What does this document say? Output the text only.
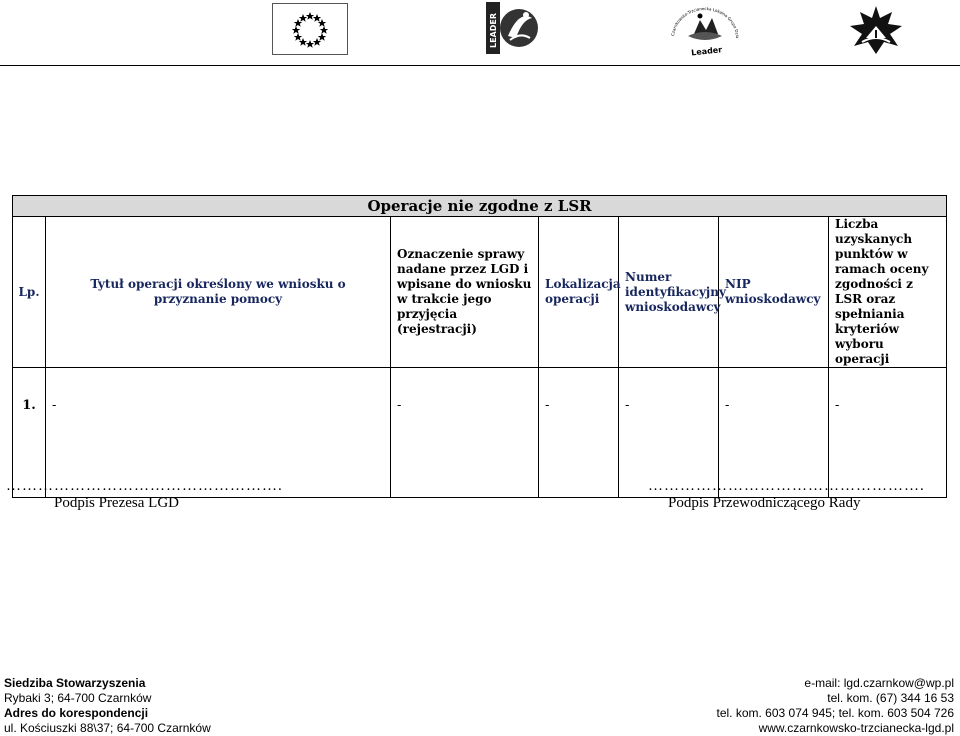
LEADER	Czarnkowsko-Trzcianecka Lokalna Grupa Dzia
Leader
Operacje nie zgodne z LSR						
Lp.	Tytuł operacji określony we wniosku o przyznanie pomocy	Oznaczenie sprawy nadane przez LGD i wpisane do wniosku w trakcie jego przyjęcia (rejestracji)	Lokalizacja operacji	Numer identyfikacyjny wnioskodawcy	NIP wnioskodawcy	Liczba uzyskanych punktów w ramach oceny zgodności z LSR oraz spełniania kryteriów wyboru operacji
1.	-	-	-	-	-	-
…………………………………………….
Podpis Prezesa LGD
…………………………………………….
Podpis Przewodniczącego Rady
Siedziba Stowarzyszenia
Rybaki 3; 64-700 Czarnków
Adres do korespondencji
ul. Kościuszki 88\37; 64-700 Czarnków
e-mail: lgd.czarnkow@wp.pl
tel. kom. (67) 344 16 53
tel. kom. 603 074 945; tel. kom. 603 504 726
www.czarnkowsko-trzcianecka-lgd.pl
